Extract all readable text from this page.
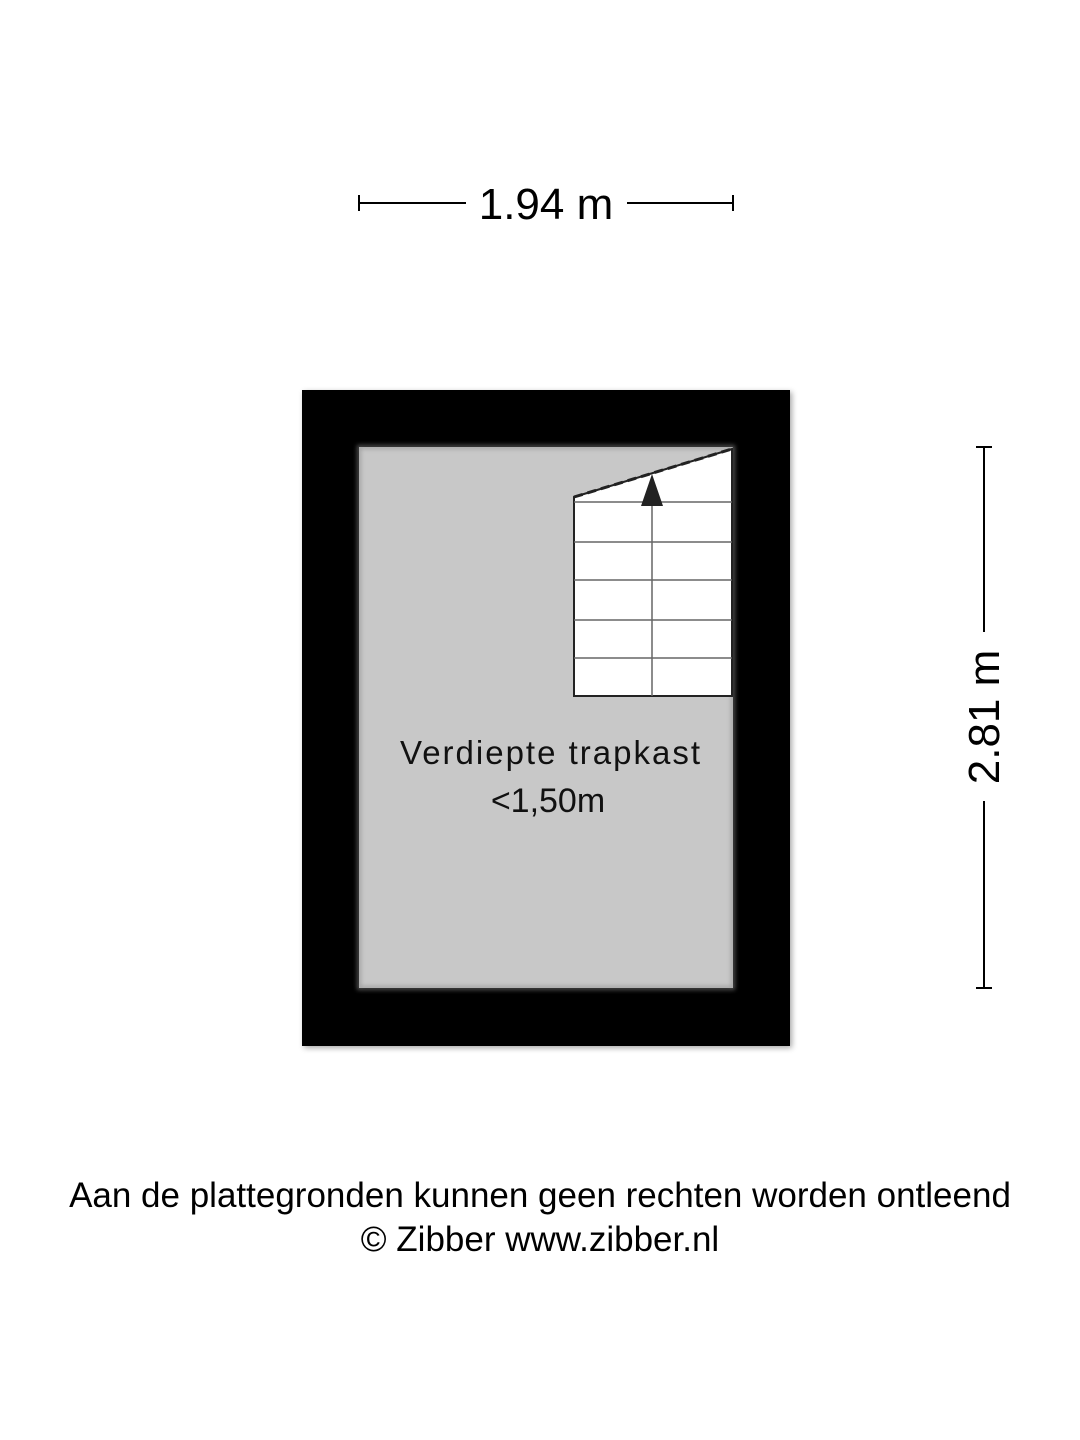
1.94 m
2.81 m
Verdiepte trapkast
<1,50m
Aan de plattegronden kunnen geen rechten worden ontleend
© Zibber www.zibber.nl
